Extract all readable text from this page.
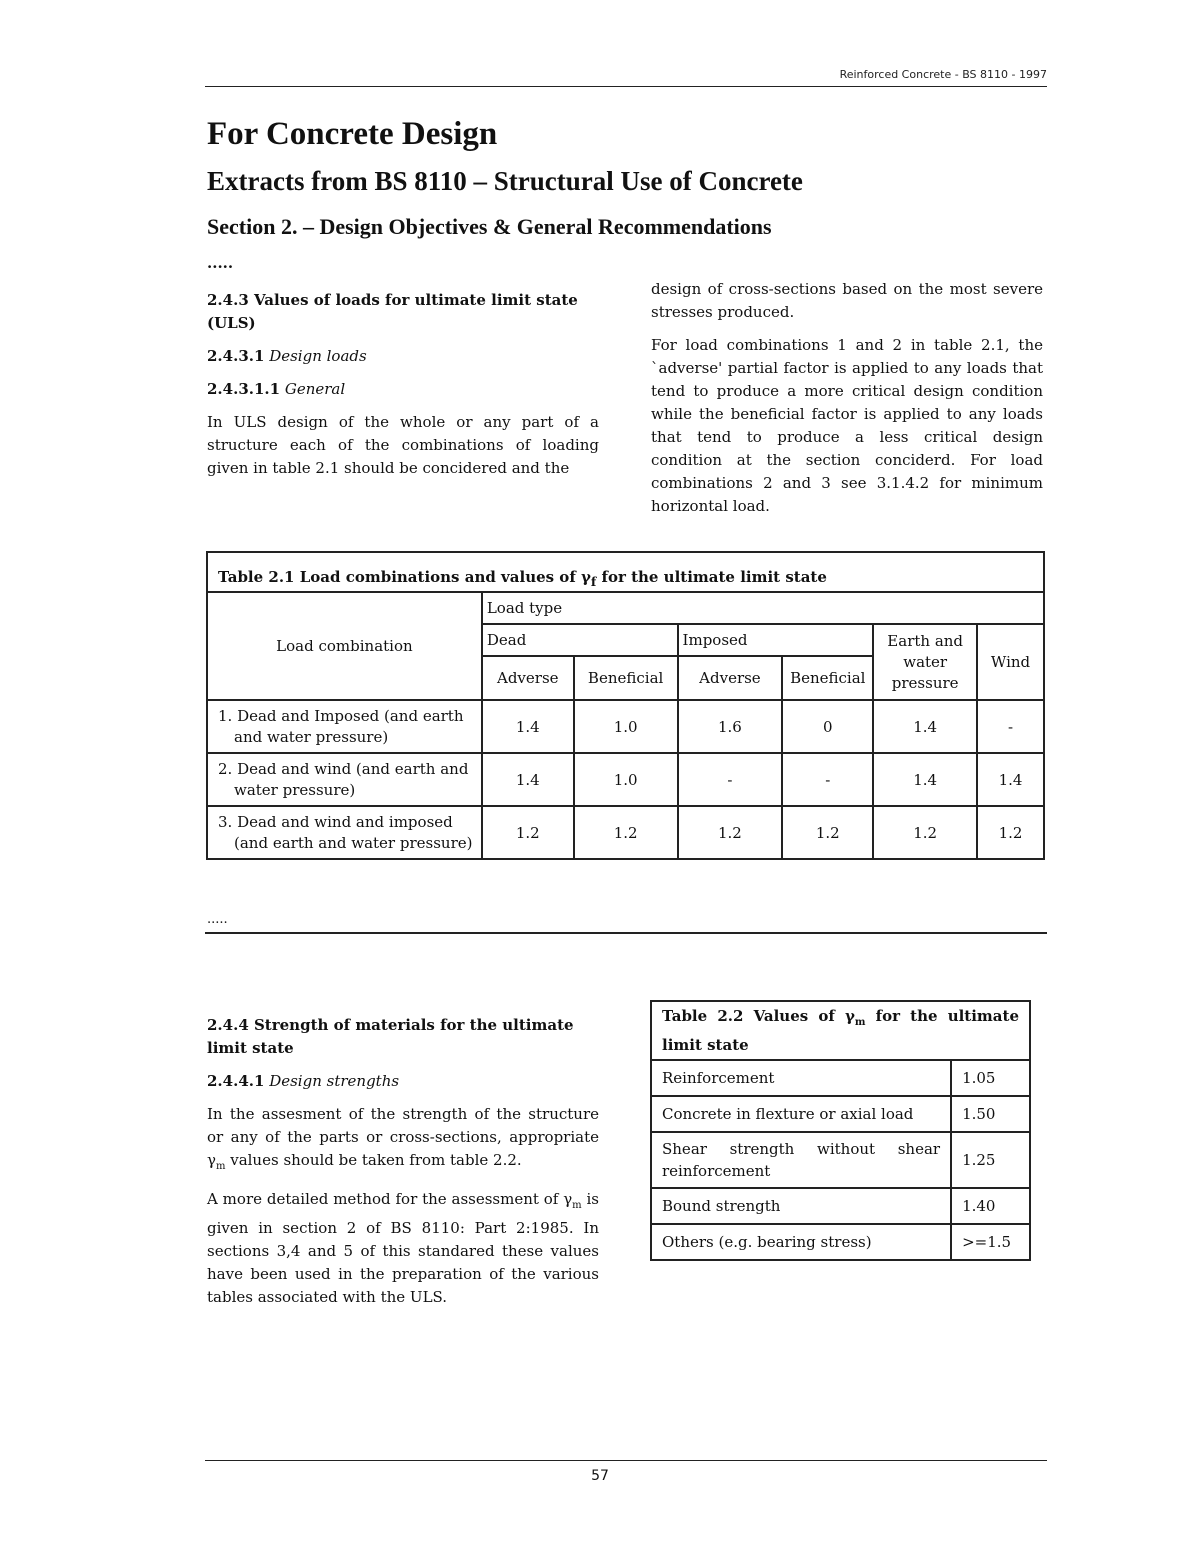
Reinforced Concrete - BS 8110 - 1997
For Concrete Design
Extracts from BS 8110 – Structural Use of Concrete
Section 2. – Design Objectives & General Recommendations
.....

2.4.3 Values of loads for ultimate limit state (ULS)

2.4.3.1 Design loads

2.4.3.1.1 General

In ULS design of the whole or any part of a structure each of the combinations of loading given in table 2.1 should be concidered and the

design of cross-sections based on the most severe stresses produced.

For load combinations 1 and 2 in table 2.1, the `adverse' partial factor is applied to any loads that tend to produce a more critical design condition while the beneficial factor is applied to any loads that tend to produce a less critical design condition at the section conciderd. For load combinations 2 and 3 see 3.1.4.2 for minimum horizontal load.

Table 2.1 Load combinations and values of $\gamma_f$ for the ultimate limit state						
Load combination	Load type					
	Dead		Imposed		Earth and water pressure	Wind
	Adverse	Beneficial	Adverse	Beneficial		

1. Dead and Imposed (and earth
and water pressure)	1.4	1.0	1.6	0	1.4	-

2. Dead and wind (and earth and
water pressure)	1.4	1.0	-	-	1.4	1.4

3. Dead and wind and imposed
(and earth and water pressure)	1.2	1.2	1.2	1.2	1.2	1.2
.....

2.4.4 Strength of materials for the ultimate limit state

2.4.4.1 Design strengths

In the assesment of the strength of the structure or any of the parts or cross-sections, appropriate $\gamma_m$ values should be taken from table 2.2.

A more detailed method for the assessment of $\gamma_m$ is given in section 2 of BS 8110: Part 2:1985. In sections 3,4 and 5 of this standared these values have been used in the preparation of the various tables associated with the ULS.

Table 2.2 Values of $\gamma_m$ for the ultimate limit state	
Reinforcement	1.05
Concrete in flexture or axial load	1.50
Shear strength without shear reinforcement	1.25
Bound strength	1.40
Others (e.g. bearing stress)	>=1.5
57
